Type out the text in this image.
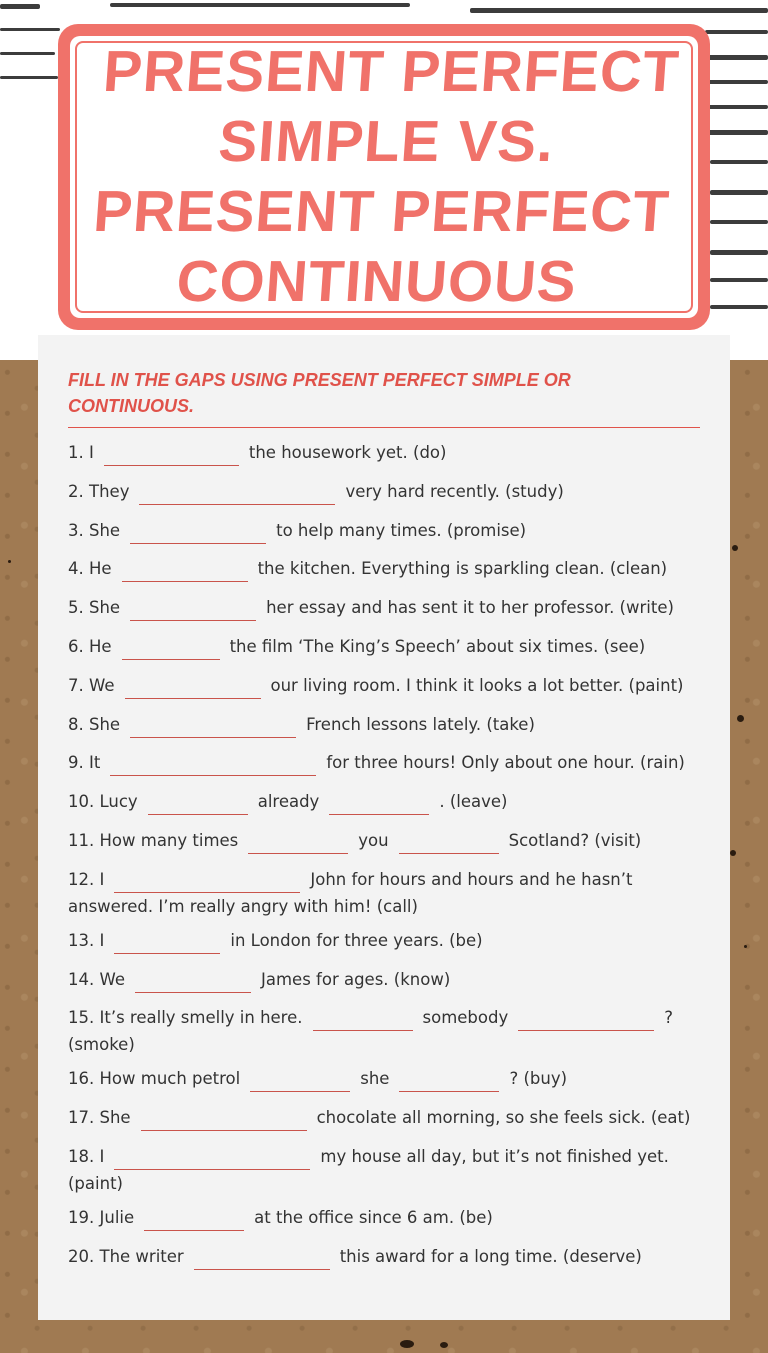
PRESENT PERFECT SIMPLE VS. PRESENT PERFECT CONTINUOUS
FILL IN THE GAPS USING PRESENT PERFECT SIMPLE OR CONTINUOUS.
1. I	the housework yet. (do)
2. They	very hard recently. (study)
3. She	to help many times. (promise)
4. He	the kitchen. Everything is sparkling clean. (clean)
5. She	her essay and has sent it to her professor. (write)
6. He	the film ‘The King’s Speech’ about six times. (see)
7. We	our living room. I think it looks a lot better. (paint)
8. She	French lessons lately. (take)
9. It	for three hours! Only about one hour. (rain)
10. Lucy	already	. (leave)
11. How many times	you	Scotland? (visit)
12. I	John for hours and hours and he hasn’t answered. I’m really angry with him! (call)
13. I	in London for three years. (be)
14. We	James for ages. (know)
15. It’s really smelly in here.	somebody	? (smoke)
16. How much petrol	she	? (buy)
17. She	chocolate all morning, so she feels sick. (eat)
18. I	my house all day, but it’s not finished yet. (paint)
19. Julie	at the office since 6 am. (be)
20. The writer	this award for a long time. (deserve)
